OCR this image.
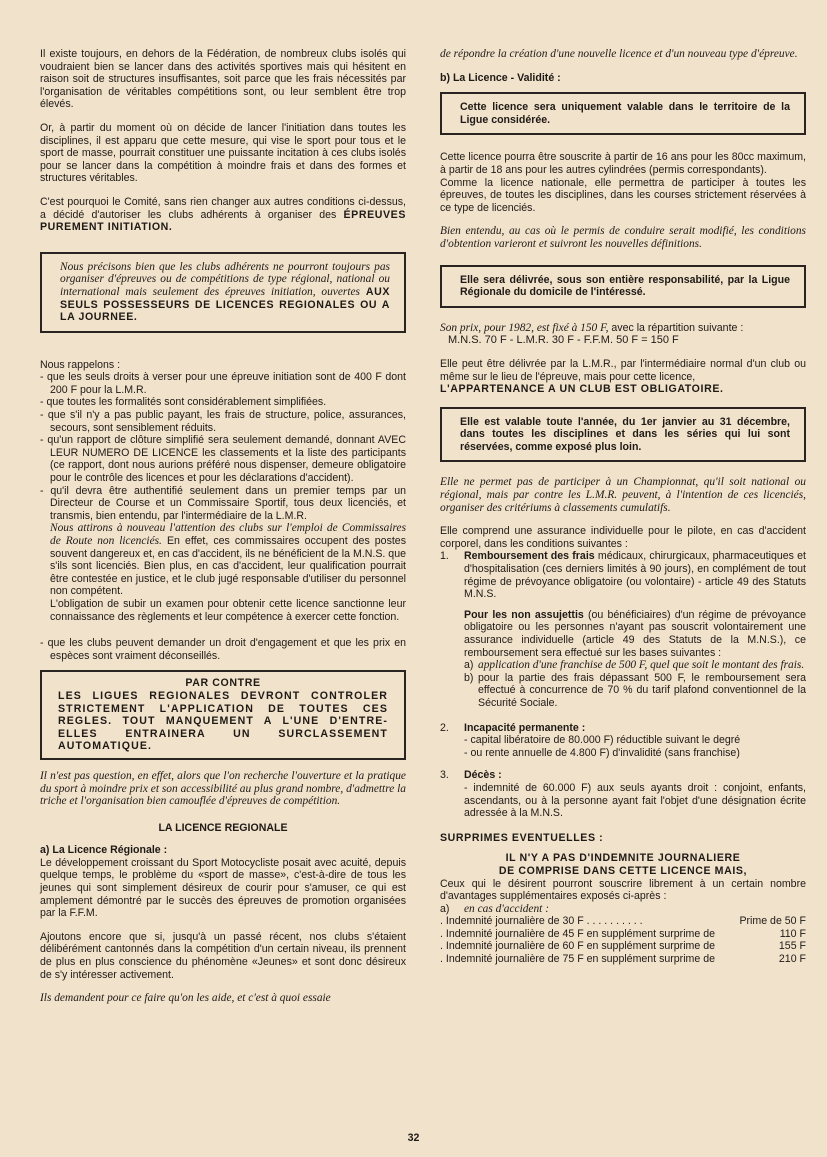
Il existe toujours, en dehors de la Fédération, de nombreux clubs isolés qui voudraient bien se lancer dans des activités sportives mais qui hésitent en raison soit de structures insuffisantes, soit parce que les frais nécessités par l'organisation de véritables compétitions sont, ou leur semblent être trop élevés.

Or, à partir du moment où on décide de lancer l'initiation dans toutes les disciplines, il est apparu que cette mesure, qui vise le sport pour tous et le sport de masse, pourrait constituer une puissante incitation à ces clubs isolés pour se lancer dans la compétition à moindre frais et dans des formes et structures véritables.

C'est pourquoi le Comité, sans rien changer aux autres conditions ci-dessus, a décidé d'autoriser les clubs adhérents à organiser des ÉPREUVES PUREMENT INITIATION.

Nous précisons bien que les clubs adhérents ne pourront toujours pas organiser d'épreuves ou de compétitions de type régional, national ou international mais seulement des épreuves initiation, ouvertes AUX SEULS POSSESSEURS DE LICENCES REGIONALES OU A LA JOURNEE.
Nous rappelons :
- que les seuls droits à verser pour une épreuve initiation sont de 400 F dont 200 F pour la L.M.R.
- que toutes les formalités sont considérablement simplifiées.
- que s'il n'y a pas public payant, les frais de structure, police, assurances, secours, sont sensiblement réduits.
- qu'un rapport de clôture simplifié sera seulement demandé, donnant AVEC LEUR NUMERO DE LICENCE les classements et la liste des participants (ce rapport, dont nous aurions préféré nous dispenser, demeure obligatoire pour le contrôle des licences et pour les déclarations d'accident).
- qu'il devra être authentifié seulement dans un premier temps par un Directeur de Course et un Commissaire Sportif, tous deux licenciés, et transmis, bien entendu, par l'intermédiaire de la L.M.R.
Nous attirons à nouveau l'attention des clubs sur l'emploi de Commissaires de Route non licenciés. En effet, ces commissaires occupent des postes souvent dangereux et, en cas d'accident, ils ne bénéficient de la M.N.S. que s'ils sont licenciés. Bien plus, en cas d'accident, leur qualification pourrait être contestée en justice, et le club jugé responsable d'utiliser du personnel non compétent.
L'obligation de subir un examen pour obtenir cette licence sanctionne leur connaissance des règlements et leur compétence à exercer cette fonction.
- que les clubs peuvent demander un droit d'engagement et que les prix en espèces sont vraiment déconseillés.
PAR CONTRE
LES LIGUES REGIONALES DEVRONT CONTROLER STRICTEMENT L'APPLICATION DE TOUTES CES REGLES. TOUT MANQUEMENT A L'UNE D'ENTRE-ELLES ENTRAINERA UN SURCLASSEMENT AUTOMATIQUE.

Il n'est pas question, en effet, alors que l'on recherche l'ouverture et la pratique du sport à moindre prix et son accessibilité au plus grand nombre, d'admettre la triche et l'organisation bien camouflée d'épreuves de compétition.

LA LICENCE REGIONALE
a) La Licence Régionale :

Le développement croissant du Sport Motocycliste posait avec acuité, depuis quelque temps, le problème du «sport de masse», c'est-à-dire de tous les jeunes qui sont simplement désireux de courir pour s'amuser, ce qui est amplement démontré par le succès des épreuves de promotion organisées par la F.F.M.

Ajoutons encore que si, jusqu'à un passé récent, nos clubs s'étaient délibérément cantonnés dans la compétition d'un certain niveau, ils prennent de plus en plus conscience du phénomène «Jeunes» et sont donc désireux de s'y intéresser activement.

Ils demandent pour ce faire qu'on les aide, et c'est à quoi essaie

de répondre la création d'une nouvelle licence et d'un nouveau type d'épreuve.

b) La Licence - Validité :
Cette licence sera uniquement valable dans le territoire de la Ligue considérée.
Cette licence pourra être souscrite à partir de 16 ans pour les 80cc maximum, à partir de 18 ans pour les autres cylindrées (permis correspondants).

Comme la licence nationale, elle permettra de participer à toutes les épreuves, de toutes les disciplines, dans les courses strictement réservées à ce type de licenciés.

Bien entendu, au cas où le permis de conduire serait modifié, les conditions d'obtention varieront et suivront les nouvelles définitions.

Elle sera délivrée, sous son entière responsabilité, par la Ligue Régionale du domicile de l'intéressé.
Son prix, pour 1982, est fixé à 150 F, avec la répartition suivante :

M.N.S. 70 F - L.M.R. 30 F - F.F.M. 50 F = 150 F

Elle peut être délivrée par la L.M.R., par l'intermédiaire normal d'un club ou même sur le lieu de l'épreuve, mais pour cette licence,

L'APPARTENANCE A UN CLUB EST OBLIGATOIRE.

Elle est valable toute l'année, du 1er janvier au 31 décembre, dans toutes les disciplines et dans les séries qui lui sont réservées, comme exposé plus loin.

Elle ne permet pas de participer à un Championnat, qu'il soit national ou régional, mais par contre les L.M.R. peuvent, à l'intention de ces licenciés, organiser des critériums à classements cumulatifs.

Elle comprend une assurance individuelle pour le pilote, en cas d'accident corporel, dans les conditions suivantes :
1.	Remboursement des frais médicaux, chirurgicaux, pharmaceutiques et d'hospitalisation (ces derniers limités à 90 jours), en complément de tout régime de prévoyance obligatoire (ou volontaire) - article 49 des Statuts M.N.S.
Pour les non assujettis (ou bénéficiaires) d'un régime de prévoyance obligatoire ou les personnes n'ayant pas souscrit volontairement une assurance individuelle (article 49 des Statuts de la M.N.S.), ce remboursement sera effectué sur les bases suivantes :
a) application d'une franchise de 500 F, quel que soit le montant des frais.
b) pour la partie des frais dépassant 500 F, le remboursement sera effectué à concurrence de 70 % du tarif plafond conventionnel de la Sécurité Sociale.
2.	Incapacité permanente :
- capital libératoire de 80.000 F) réductible suivant le degré
- ou rente annuelle de 4.800 F) d'invalidité (sans franchise)
3.	Décès :
- indemnité de 60.000 F) aux seuls ayants droit : conjoint, enfants, ascendants, ou à la personne ayant fait l'objet d'une désignation écrite adressée à la M.N.S.
SURPRIMES EVENTUELLES :
IL N'Y A PAS D'INDEMNITE JOURNALIERE
DE COMPRISE DANS CETTE LICENCE MAIS,
Ceux qui le désirent pourront souscrire librement à un certain nombre d'avantages supplémentaires exposés ci-après :
a)	en cas d'accident :
. Indemnité journalière de 30 F . . . . . . . . . .	Prime de 50 F
. Indemnité journalière de 45 F en supplément surprime de	110 F
. Indemnité journalière de 60 F en supplément surprime de	155 F
. Indemnité journalière de 75 F en supplément surprime de	210 F
32
